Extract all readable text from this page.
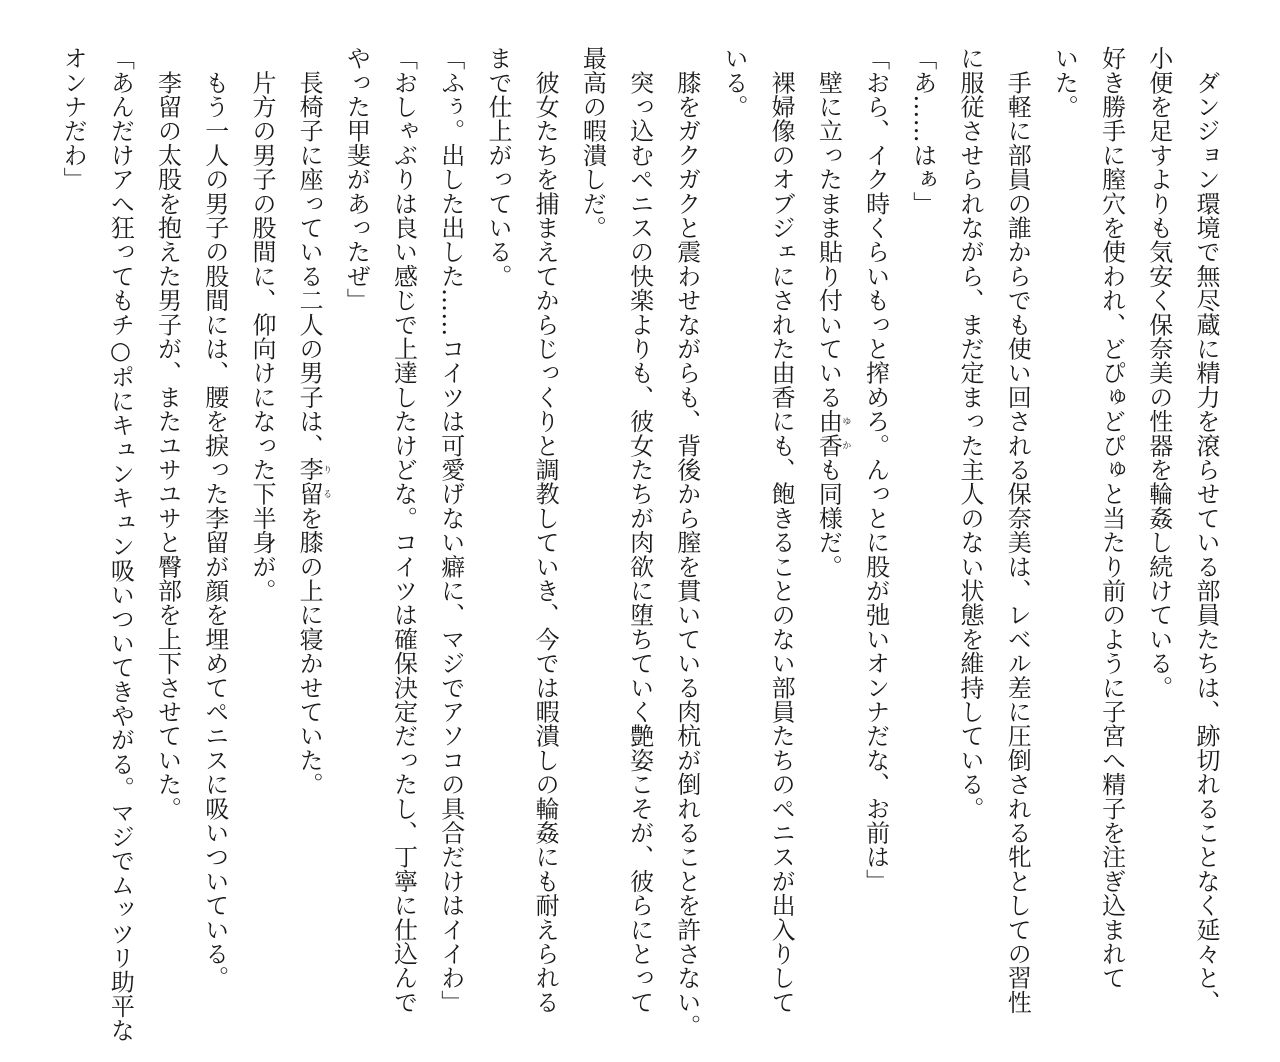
　ダンジョン環境で無尽蔵に精力を滾らせている部員たちは、跡切れることなく延々と、
小便を足すよりも気安く保奈美の性器を輪姦し続けている。
好き勝手に膣穴を使われ、どぴゅどぴゅと当たり前のように子宮へ精子を注ぎ込まれて
いた。
　手軽に部員の誰からでも使い回される保奈美は、レベル差に圧倒される牝としての習性
に服従させられながら、まだ定まった主人のない状態を維持している。
「あ……はぁ」
「おら、イク時くらいもっと搾めろ。んっとに股が弛いオンナだな、お前は」
　壁に立ったまま貼り付いている由香ゆかも同様だ。
　裸婦像のオブジェにされた由香にも、飽きることのない部員たちのペニスが出入りして
いる。
　膝をガクガクと震わせながらも、背後から膣を貫いている肉杭が倒れることを許さない。
　突っ込むペニスの快楽よりも、彼女たちが肉欲に堕ちていく艶姿こそが、彼らにとって
最高の暇潰しだ。
　彼女たちを捕まえてからじっくりと調教していき、今では暇潰しの輪姦にも耐えられる
まで仕上がっている。
「ふぅ。出した出した……コイツは可愛げない癖に、マジでアソコの具合だけはイイわ」
「おしゃぶりは良い感じで上達したけどな。コイツは確保決定だったし、丁寧に仕込んで
やった甲斐があったぜ」
　長椅子に座っている二人の男子は、李留りるを膝の上に寝かせていた。
　片方の男子の股間に、仰向けになった下半身が。
　もう一人の男子の股間には、腰を捩った李留が顔を埋めてペニスに吸いついている。
　李留の太股を抱えた男子が、またユサユサと臀部を上下させていた。
「あんだけアへ狂ってもチ○ポにキュンキュン吸いついてきやがる。マジでムッツリ助平な
オンナだわ」
